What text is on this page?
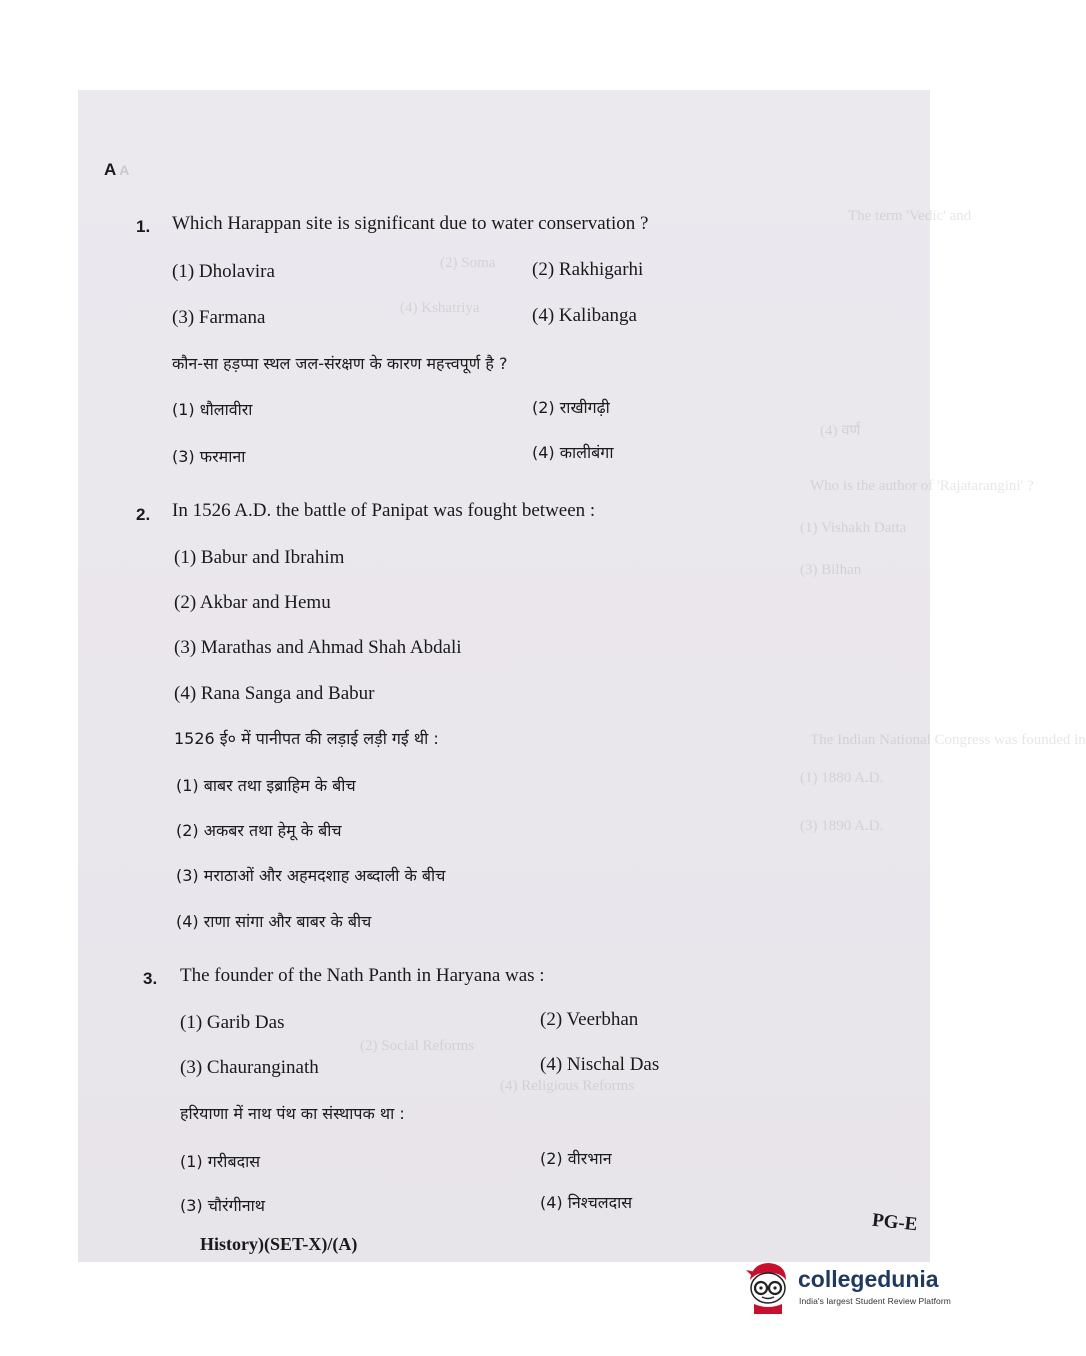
The term 'Vedic' and
(2) Soma
(4) Kshatriya
(4) वर्ण
Who is the author of 'Rajatarangini' ?
(1) Vishakh Datta
(3) Bilhan
The Indian National Congress was founded in
(1) 1880 A.D.
(3) 1890 A.D.
(2) Social Reforms
(4) Religious Reforms
A A
1. Which Harappan site is significant due to water conservation ?
(1) Dholavira	(2) Rakhigarhi
(3) Farmana	(4) Kalibanga
कौन-सा हड़प्पा स्थल जल-संरक्षण के कारण महत्त्वपूर्ण है ?
(1) धौलावीरा	(2) राखीगढ़ी
(3) फरमाना	(4) कालीबंगा
2. In 1526 A.D. the battle of Panipat was fought between :
(1) Babur and Ibrahim
(2) Akbar and Hemu
(3) Marathas and Ahmad Shah Abdali
(4) Rana Sanga and Babur
1526 ई० में पानीपत की लड़ाई लड़ी गई थी :
(1) बाबर तथा इब्राहिम के बीच
(2) अकबर तथा हेमू के बीच
(3) मराठाओं और अहमदशाह अब्दाली के बीच
(4) राणा सांगा और बाबर के बीच
3. The founder of the Nath Panth in Haryana was :
(1) Garib Das	(2) Veerbhan
(3) Chauranginath	(4) Nischal Das
हरियाणा में नाथ पंथ का संस्थापक था :
(1) गरीबदास	(2) वीरभान
(3) चौरंगीनाथ	(4) निश्चलदास
History)(SET-X)/(A)
PG-E
collegedunia
India's largest Student Review Platform
